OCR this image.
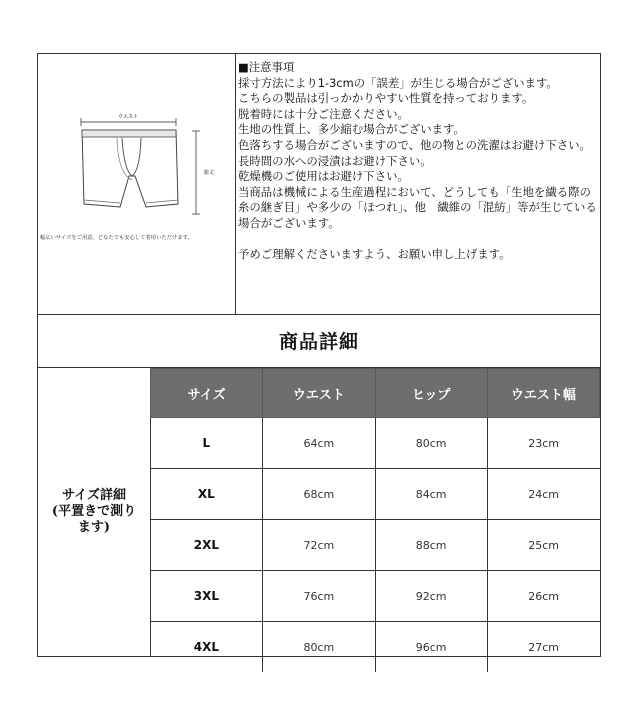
ウエスト
総丈
幅広いサイズをご用意。どなたでも安心して着用いただけます。

■注意事項

採寸方法により1-3cmの「誤差」が生じる場合がございます。

こちらの製品は引っかかりやすい性質を持っております。

脱着時には十分ご注意ください。

生地の性質上、多少縮む場合がございます。

色落ちする場合がございますので、他の物との洗濯はお避け下さい。

長時間の水への浸漬はお避け下さい。

乾燥機のご使用はお避け下さい。

当商品は機械による生産過程において、どうしても「生地を繊る際の糸の継ぎ目」や多少の「ほつれ」、他　繊維の「混紡」等が生じている場合がございます。

予めご理解くださいますよう、お願い申し上げます。

商品詳細
サイズ詳細
(平置きで測ります)
サイズ	ウエスト	ヒップ	ウエスト幅
L	64cm	80cm	23cm
XL	68cm	84cm	24cm
2XL	72cm	88cm	25cm
3XL	76cm	92cm	26cm
4XL	80cm	96cm	27cm
